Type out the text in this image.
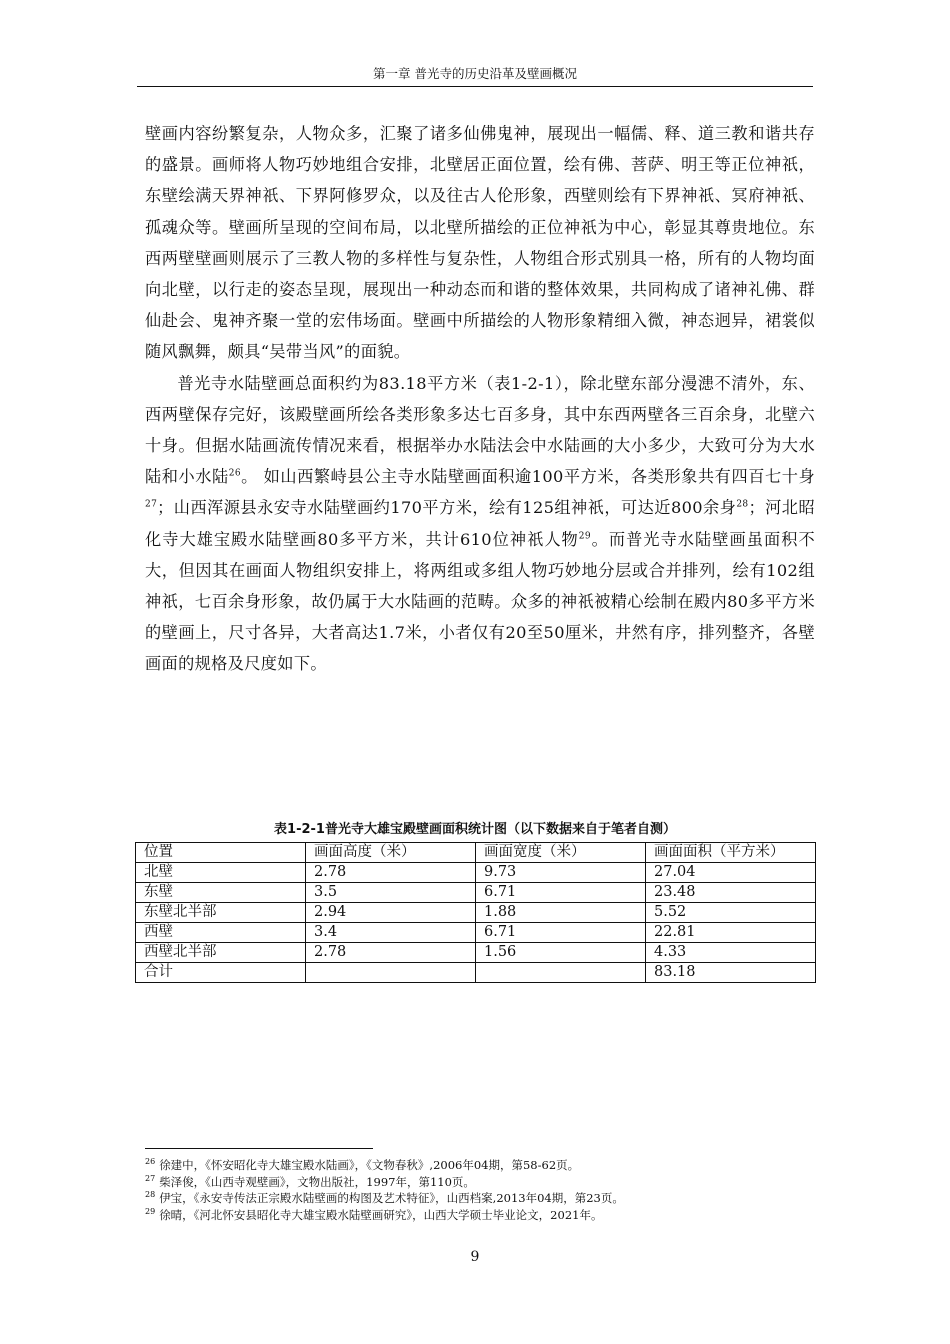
第一章 普光寺的历史沿革及壁画概况

壁画内容纷繁复杂，人物众多，汇聚了诸多仙佛鬼神，展现出一幅儒、释、道三教和谐共存的盛景。画师将人物巧妙地组合安排，北壁居正面位置，绘有佛、菩萨、明王等正位神祇，东壁绘满天界神祇、下界阿修罗众，以及往古人伦形象，西壁则绘有下界神祇、冥府神祇、孤魂众等。壁画所呈现的空间布局，以北壁所描绘的正位神祇为中心，彰显其尊贵地位。东西两壁壁画则展示了三教人物的多样性与复杂性，人物组合形式别具一格，所有的人物均面向北壁，以行走的姿态呈现，展现出一种动态而和谐的整体效果，共同构成了诸神礼佛、群仙赴会、鬼神齐聚一堂的宏伟场面。壁画中所描绘的人物形象精细入微，神态迥异，裙裳似随风飘舞，颇具“吴带当风”的面貌。

普光寺水陆壁画总面积约为83.18平方米（表1-2-1），除北壁东部分漫漶不清外，东、西两壁保存完好，该殿壁画所绘各类形象多达七百多身，其中东西两壁各三百余身，北壁六十身。但据水陆画流传情况来看，根据举办水陆法会中水陆画的大小多少，大致可分为大水陆和小水陆$^{26}$。 如山西繁峙县公主寺水陆壁画面积逾100平方米，各类形象共有四百七十身$^{27}$；山西浑源县永安寺水陆壁画约170平方米，绘有125组神祇，可达近800余身$^{28}$；河北昭化寺大雄宝殿水陆壁画80多平方米，共计610位神祇人物$^{29}$。而普光寺水陆壁画虽面积不大，但因其在画面人物组织安排上，将两组或多组人物巧妙地分层或合并排列，绘有102组神祇，七百余身形象，故仍属于大水陆画的范畴。众多的神祇被精心绘制在殿内80多平方米的壁画上，尺寸各异，大者高达1.7米，小者仅有20至50厘米，井然有序，排列整齐，各壁画面的规格及尺度如下。

表1-2-1普光寺大雄宝殿壁画面积统计图（以下数据来自于笔者自测）
位置	画面高度（米）	画面宽度（米）	画面面积（平方米）
北壁	2.78	9.73	27.04
东壁	3.5	6.71	23.48
东壁北半部	2.94	1.88	5.52
西壁	3.4	6.71	22.81
西壁北半部	2.78	1.56	4.33
合计			83.18
$^{26}$ 徐建中，《怀安昭化寺大雄宝殿水陆画》，《文物春秋》,2006年04期，第58-62页。
$^{27}$ 柴泽俊，《山西寺观壁画》，文物出版社，1997年，第110页。
$^{28}$ 伊宝，《永安寺传法正宗殿水陆壁画的构图及艺术特征》，山西档案,2013年04期，第23页。
$^{29}$ 徐晴，《河北怀安县昭化寺大雄宝殿水陆壁画研究》，山西大学硕士毕业论文，2021年。
9
